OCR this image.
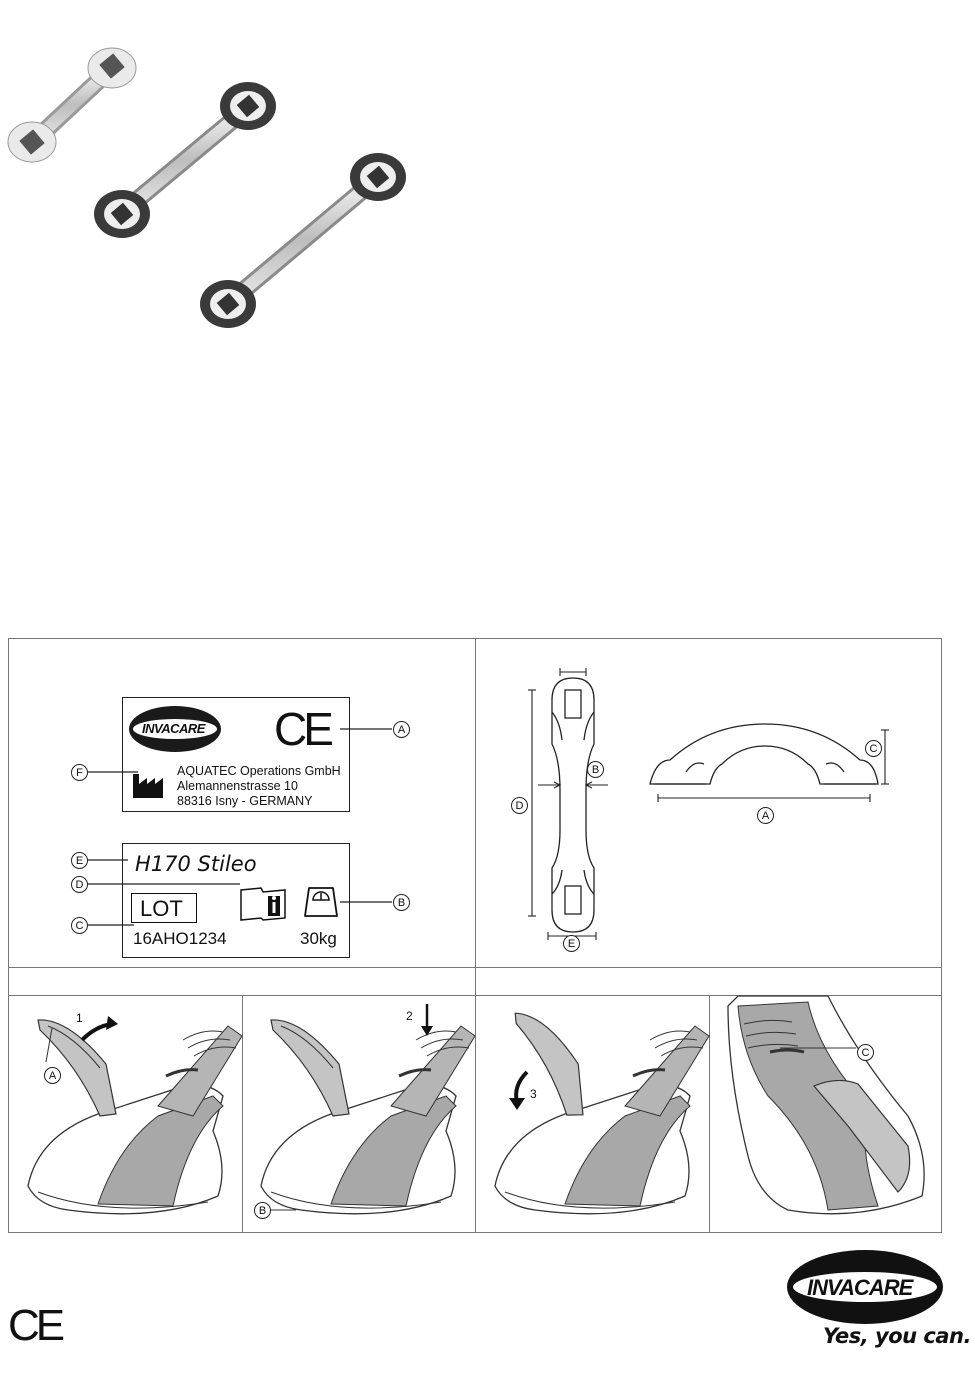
INVACARE CE
AQUATEC Operations GmbH
Alemannenstrasse 10
88316 Isny - GERMANY
H170 Stileo
LOT
16AHO1234	30kg
A
B
C
D
E
F
A
B
C
D
E
1	2
3
A
B
C
INVACARE
Yes, you can.
CE
